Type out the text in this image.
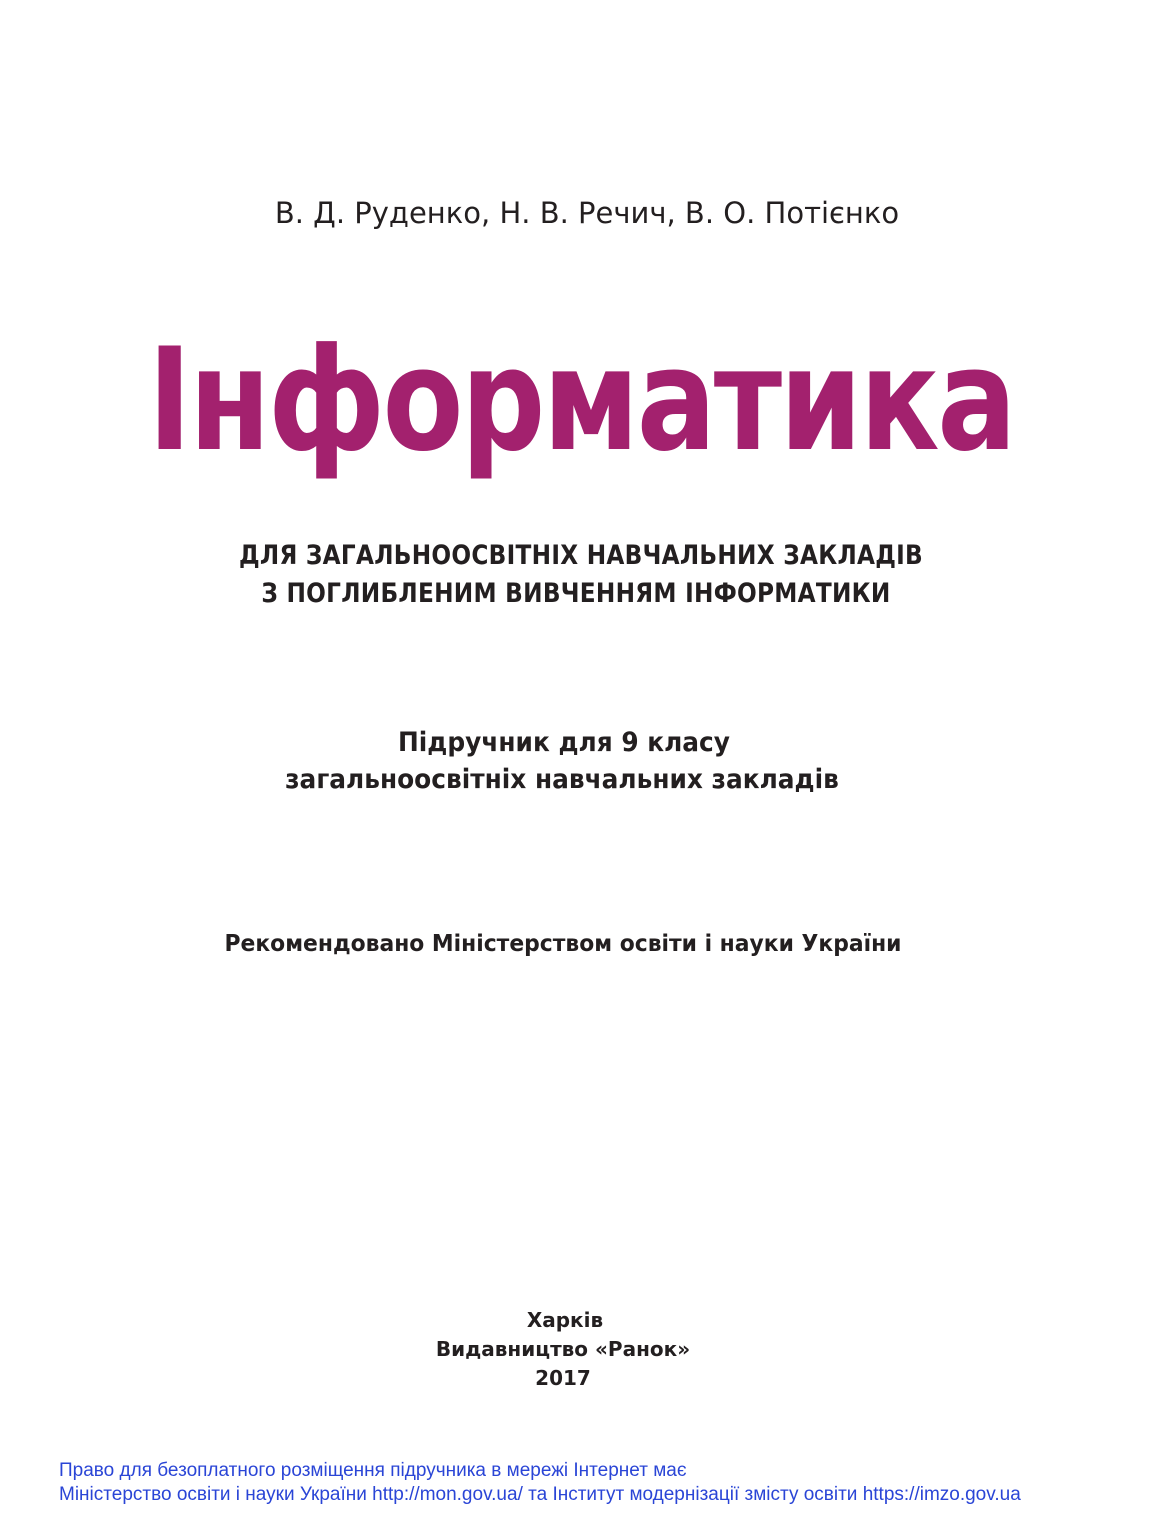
В. Д. Руденко, Н. В. Речич, В. О. Потієнко
Інформатика
ДЛЯ ЗАГАЛЬНООСВІТНІХ НАВЧАЛЬНИХ ЗАКЛАДІВ
З ПОГЛИБЛЕНИМ ВИВЧЕННЯМ ІНФОРМАТИКИ
Підручник для 9 класу
загальноосвітніх навчальних закладів
Рекомендовано Міністерством освіти і науки України
Харків
Видавництво «Ранок»
2017
Право для безоплатного розміщення підручника в мережі Інтернет має
Міністерство освіти і науки України http://mon.gov.ua/ та Інститут модернізації змісту освіти https://imzo.gov.ua
